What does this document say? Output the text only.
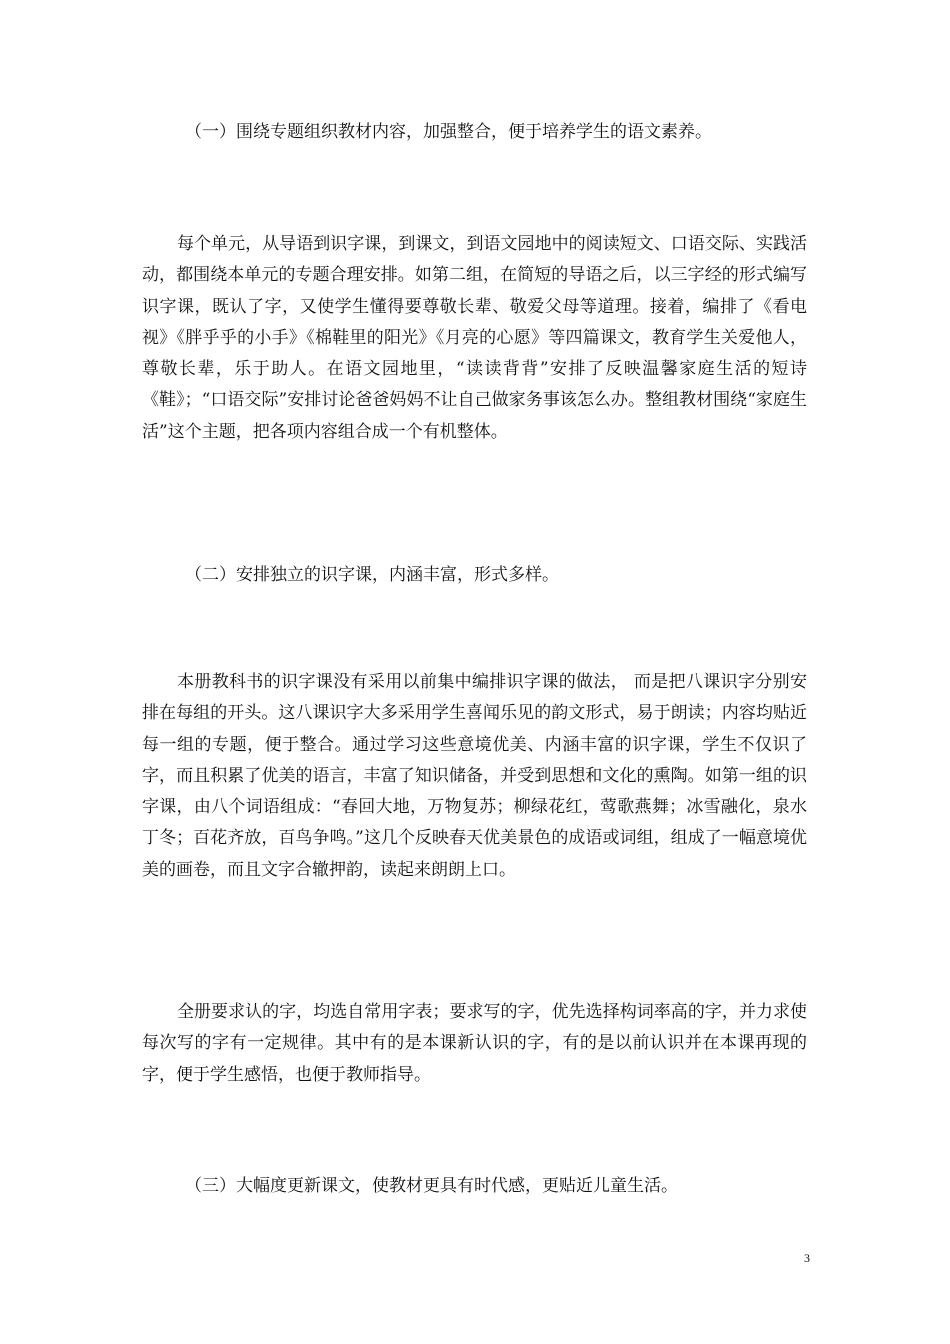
（一）围绕专题组织教材内容，加强整合，便于培养学生的语文素养。

每个单元，从导语到识字课，到课文，到语文园地中的阅读短文、口语交际、实践活动，都围绕本单元的专题合理安排。如第二组，在简短的导语之后，以三字经的形式编写识字课，既认了字，又使学生懂得要尊敬长辈、敬爱父母等道理。接着，编排了《看电视》《胖乎乎的小手》《棉鞋里的阳光》《月亮的心愿》等四篇课文，教育学生关爱他人，尊敬长辈，乐于助人。在语文园地里，“读读背背”安排了反映温馨家庭生活的短诗《鞋》；“口语交际”安排讨论爸爸妈妈不让自己做家务事该怎么办。整组教材围绕“家庭生活”这个主题，把各项内容组合成一个有机整体。

（二）安排独立的识字课，内涵丰富，形式多样。

本册教科书的识字课没有采用以前集中编排识字课的做法， 而是把八课识字分别安排在每组的开头。这八课识字大多采用学生喜闻乐见的韵文形式，易于朗读；内容均贴近每一组的专题，便于整合。通过学习这些意境优美、内涵丰富的识字课，学生不仅识了字，而且积累了优美的语言，丰富了知识储备，并受到思想和文化的熏陶。如第一组的识字课，由八个词语组成：“春回大地，万物复苏；柳绿花红，莺歌燕舞；冰雪融化，泉水丁冬；百花齐放，百鸟争鸣。”这几个反映春天优美景色的成语或词组，组成了一幅意境优美的画卷，而且文字合辙押韵，读起来朗朗上口。

全册要求认的字，均选自常用字表；要求写的字，优先选择构词率高的字，并力求使每次写的字有一定规律。其中有的是本课新认识的字，有的是以前认识并在本课再现的字，便于学生感悟，也便于教师指导。

（三）大幅度更新课文，使教材更具有时代感，更贴近儿童生活。

3
